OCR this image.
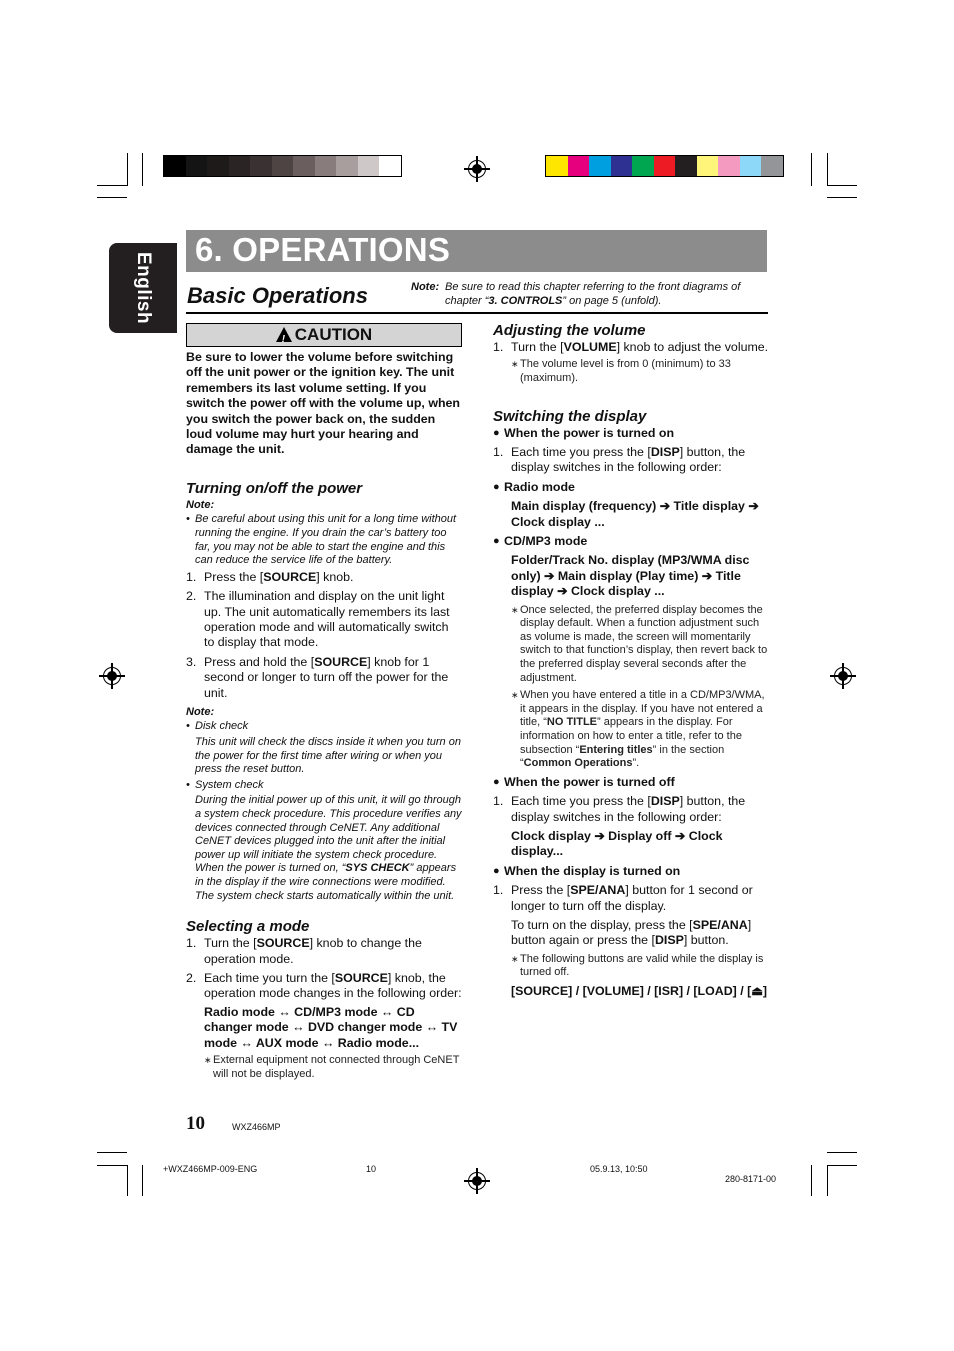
English
6. OPERATIONS
Basic Operations	Note: Be sure to read this chapter referring to the front diagrams of chapter “3. CONTROLS” on page 5 (unfold).
!CAUTION
Be sure to lower the volume before switching off the unit power or the ignition key. The unit remembers its last volume setting. If you switch the power off with the volume up, when you switch the power back on, the sudden loud volume may hurt your hearing and damage the unit.
Turning on/off the power
Note:
• Be careful about using this unit for a long time without running the engine. If you drain the car’s battery too far, you may not be able to start the engine and this can reduce the service life of the battery.
1. Press the [SOURCE] knob.
2. The illumination and display on the unit light up. The unit automatically remembers its last operation mode and will automatically switch to display that mode.
3. Press and hold the [SOURCE] knob for 1 second or longer to turn off the power for the unit.
Note:
• Disk check
This unit will check the discs inside it when you turn on the power for the first time after wiring or when you press the reset button.
• System check
During the initial power up of this unit, it will go through a system check procedure. This procedure verifies any devices connected through CeNET. Any additional CeNET devices plugged into the unit after the initial power up will initiate the system check procedure. When the power is turned on, “SYS CHECK” appears in the display if the wire connections were modified. The system check starts automatically within the unit.
Selecting a mode
1. Turn the [SOURCE] knob to change the operation mode.
2. Each time you turn the [SOURCE] knob, the operation mode changes in the following order:
Radio mode ↔ CD/MP3 mode ↔ CD changer mode ↔ DVD changer mode ↔ TV mode ↔ AUX mode ↔ Radio mode...
∗ External equipment not connected through CeNET will not be displayed.
Adjusting the volume
1. Turn the [VOLUME] knob to adjust the volume.
∗ The volume level is from 0 (minimum) to 33 (maximum).
Switching the display
● When the power is turned on
1. Each time you press the [DISP] button, the display switches in the following order:
● Radio mode
Main display (frequency) ➔ Title display ➔ Clock display ...
● CD/MP3 mode
Folder/Track No. display (MP3/WMA disc only) ➔ Main display (Play time) ➔ Title display ➔ Clock display ...
∗ Once selected, the preferred display becomes the display default. When a function adjustment such as volume is made, the screen will momentarily switch to that function’s display, then revert back to the preferred display several seconds after the adjustment.
∗ When you have entered a title in a CD/MP3/WMA, it appears in the display. If you have not entered a title, “NO TITLE” appears in the display. For information on how to enter a title, refer to the subsection “Entering titles” in the section “Common Operations”.
● When the power is turned off
1. Each time you press the [DISP] button, the display switches in the following order:
Clock display ➔ Display off ➔ Clock display...
● When the display is turned on
1. Press the [SPE/ANA] button for 1 second or longer to turn off the display.
To turn on the display, press the [SPE/ANA] button again or press the [DISP] button.
∗ The following buttons are valid while the display is turned off.
[SOURCE] / [VOLUME] / [ISR] / [LOAD] / [⏏]
10	WXZ466MP
+WXZ466MP-009-ENG	10	05.9.13, 10:50
280-8171-00
